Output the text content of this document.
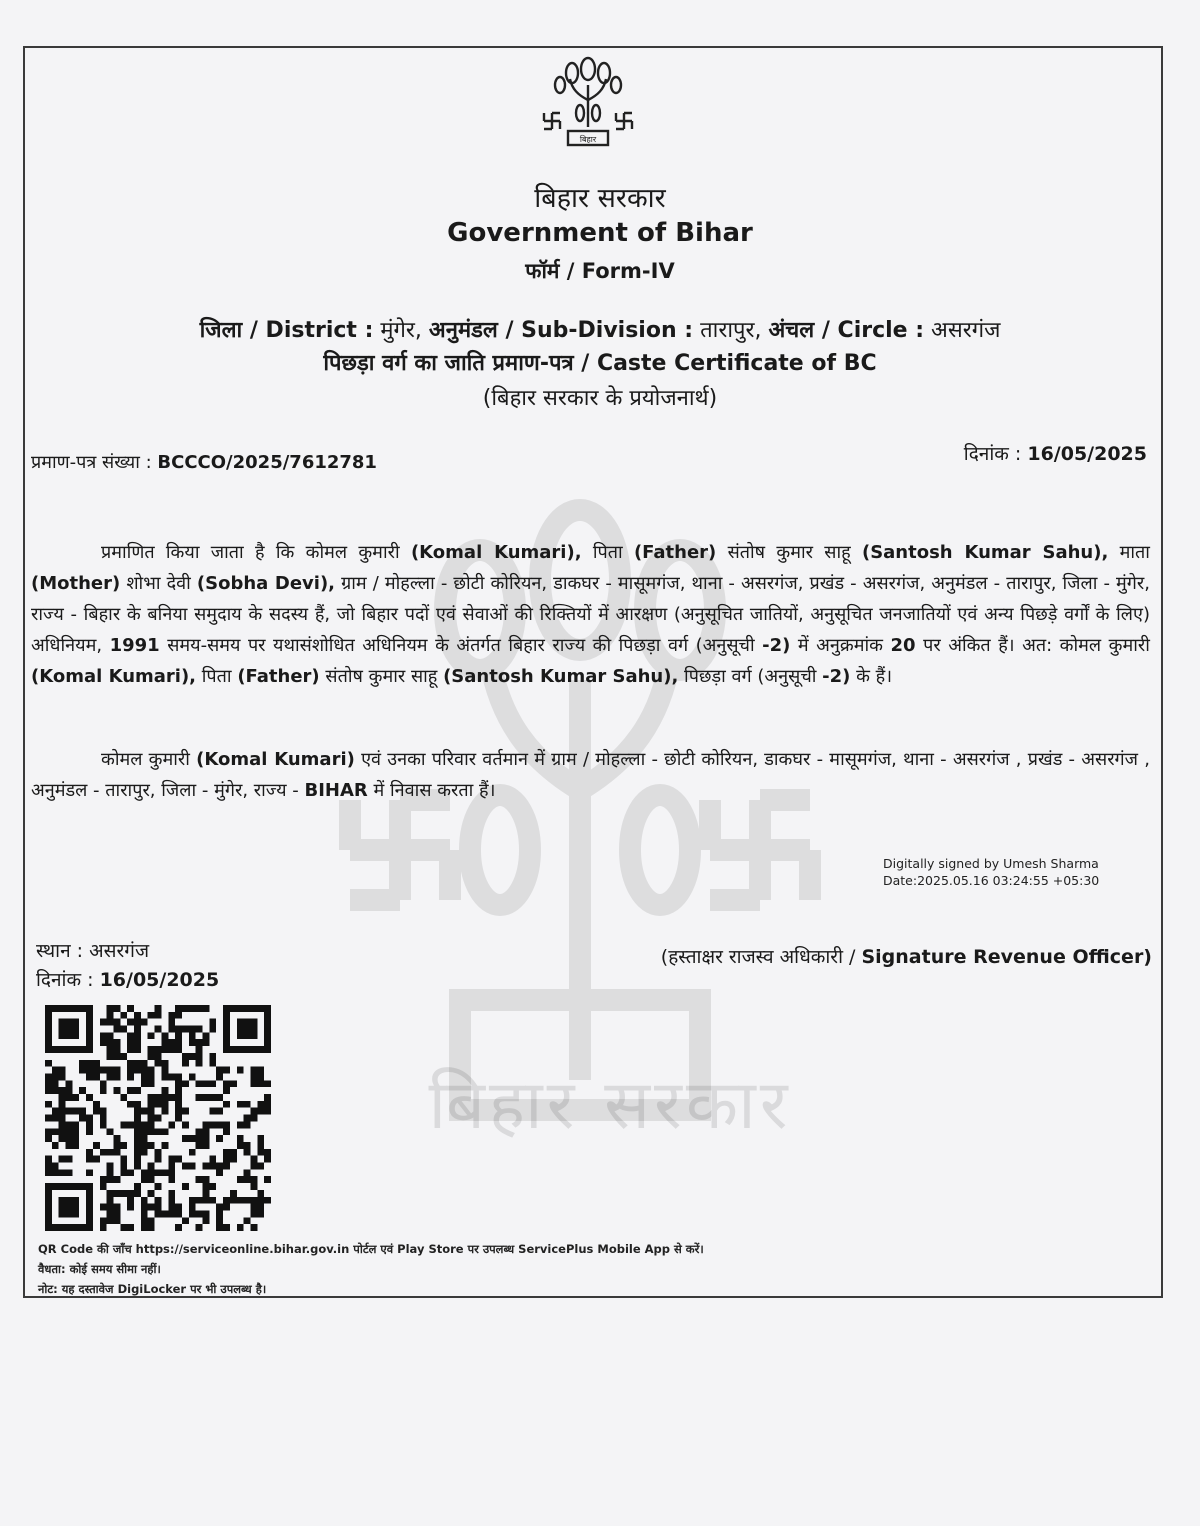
बिहार सरकार
बिहार
बिहार सरकार
Government of Bihar
फॉर्म / Form-IV
जिला / District : मुंगेर, अनुमंडल / Sub-Division : तारापुर, अंचल / Circle : असरगंज
पिछड़ा वर्ग का जाति प्रमाण-पत्र / Caste Certificate of BC
(बिहार सरकार के प्रयोजनार्थ)
प्रमाण-पत्र संख्या : BCCCO/2025/7612781	दिनांक : 16/05/2025

प्रमाणित किया जाता है कि कोमल कुमारी (Komal Kumari), पिता (Father) संतोष कुमार साहू (Santosh Kumar Sahu), माता (Mother) शोभा देवी (Sobha Devi), ग्राम / मोहल्ला - छोटी कोरियन, डाकघर - मासूमगंज, थाना - असरगंज, प्रखंड - असरगंज, अनुमंडल - तारापुर, जिला - मुंगेर, राज्य - बिहार के बनिया समुदाय के सदस्य हैं, जो बिहार पदों एवं सेवाओं की रिक्तियों में आरक्षण (अनुसूचित जातियों, अनुसूचित जनजातियों एवं अन्य पिछड़े वर्गों के लिए) अधिनियम, 1991 समय-समय पर यथासंशोधित अधिनियम के अंतर्गत बिहार राज्य की पिछड़ा वर्ग (अनुसूची -2) में अनुक्रमांक 20 पर अंकित हैं। अत: कोमल कुमारी (Komal Kumari), पिता (Father) संतोष कुमार साहू (Santosh Kumar Sahu), पिछड़ा वर्ग (अनुसूची -2) के हैं।

कोमल कुमारी (Komal Kumari) एवं उनका परिवार वर्तमान में ग्राम / मोहल्ला - छोटी कोरियन, डाकघर - मासूमगंज, थाना - असरगंज , प्रखंड - असरगंज , अनुमंडल - तारापुर, जिला - मुंगेर, राज्य - BIHAR में निवास करता हैं।

Digitally signed by Umesh Sharma
Date:2025.05.16 03:24:55 +05:30
स्थान : असरगंज
दिनांक : 16/05/2025
(हस्ताक्षर राजस्व अधिकारी / Signature Revenue Officer)
QR Code की जाँच https://serviceonline.bihar.gov.in पोर्टल एवं Play Store पर उपलब्ध ServicePlus Mobile App से करें।
वैधता: कोई समय सीमा नहीं।
नोट: यह दस्तावेज DigiLocker पर भी उपलब्ध है।
